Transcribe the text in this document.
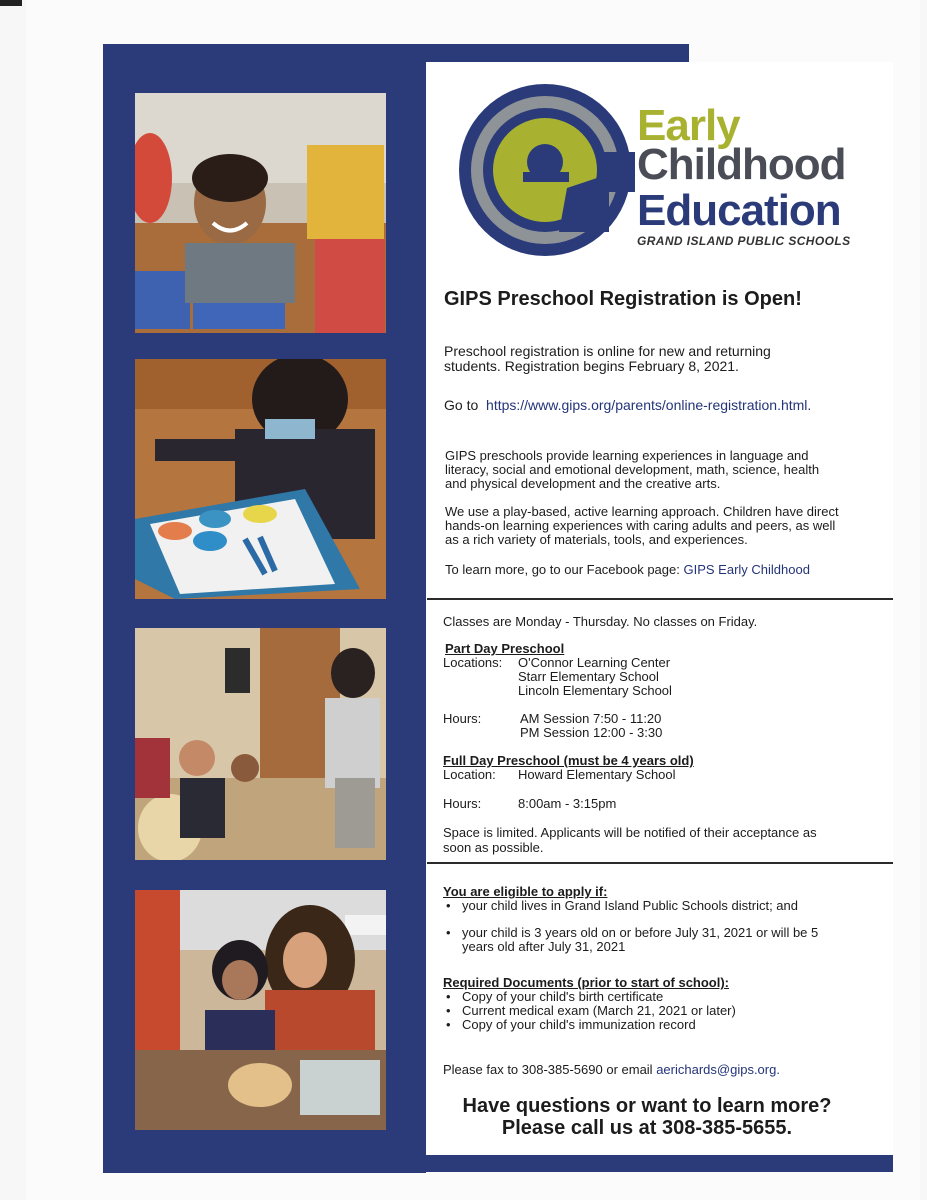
Early
Childhood
Education
GRAND ISLAND PUBLIC SCHOOLS
GIPS Preschool Registration is Open!
Preschool registration is online for new and returning
students. Registration begins February 8, 2021.
Go to https://www.gips.org/parents/online-registration.html.
GIPS preschools provide learning experiences in language and
literacy, social and emotional development, math, science, health
and physical development and the creative arts.
We use a play-based, active learning approach. Children have direct
hands-on learning experiences with caring adults and peers, as well
as a rich variety of materials, tools, and experiences.
To learn more, go to our Facebook page: GIPS Early Childhood
Classes are Monday - Thursday. No classes on Friday.
Part Day Preschool
Locations: O'Connor Learning Center
Starr Elementary School
Lincoln Elementary School
Hours:	AM Session 7:50 - 11:20
PM Session 12:00 - 3:30
Full Day Preschool (must be 4 years old)
Location: Howard Elementary School
Hours:	8:00am - 3:15pm
Space is limited. Applicants will be notified of their acceptance as
soon as possible.
You are eligible to apply if:
• your child lives in Grand Island Public Schools district; and
• your child is 3 years old on or before July 31, 2021 or will be 5
years old after July 31, 2021
Required Documents (prior to start of school):
• Copy of your child's birth certificate
• Current medical exam (March 21, 2021 or later)
• Copy of your child's immunization record
Please fax to 308-385-5690 or email aerichards@gips.org.
Have questions or want to learn more?
Please call us at 308-385-5655.
